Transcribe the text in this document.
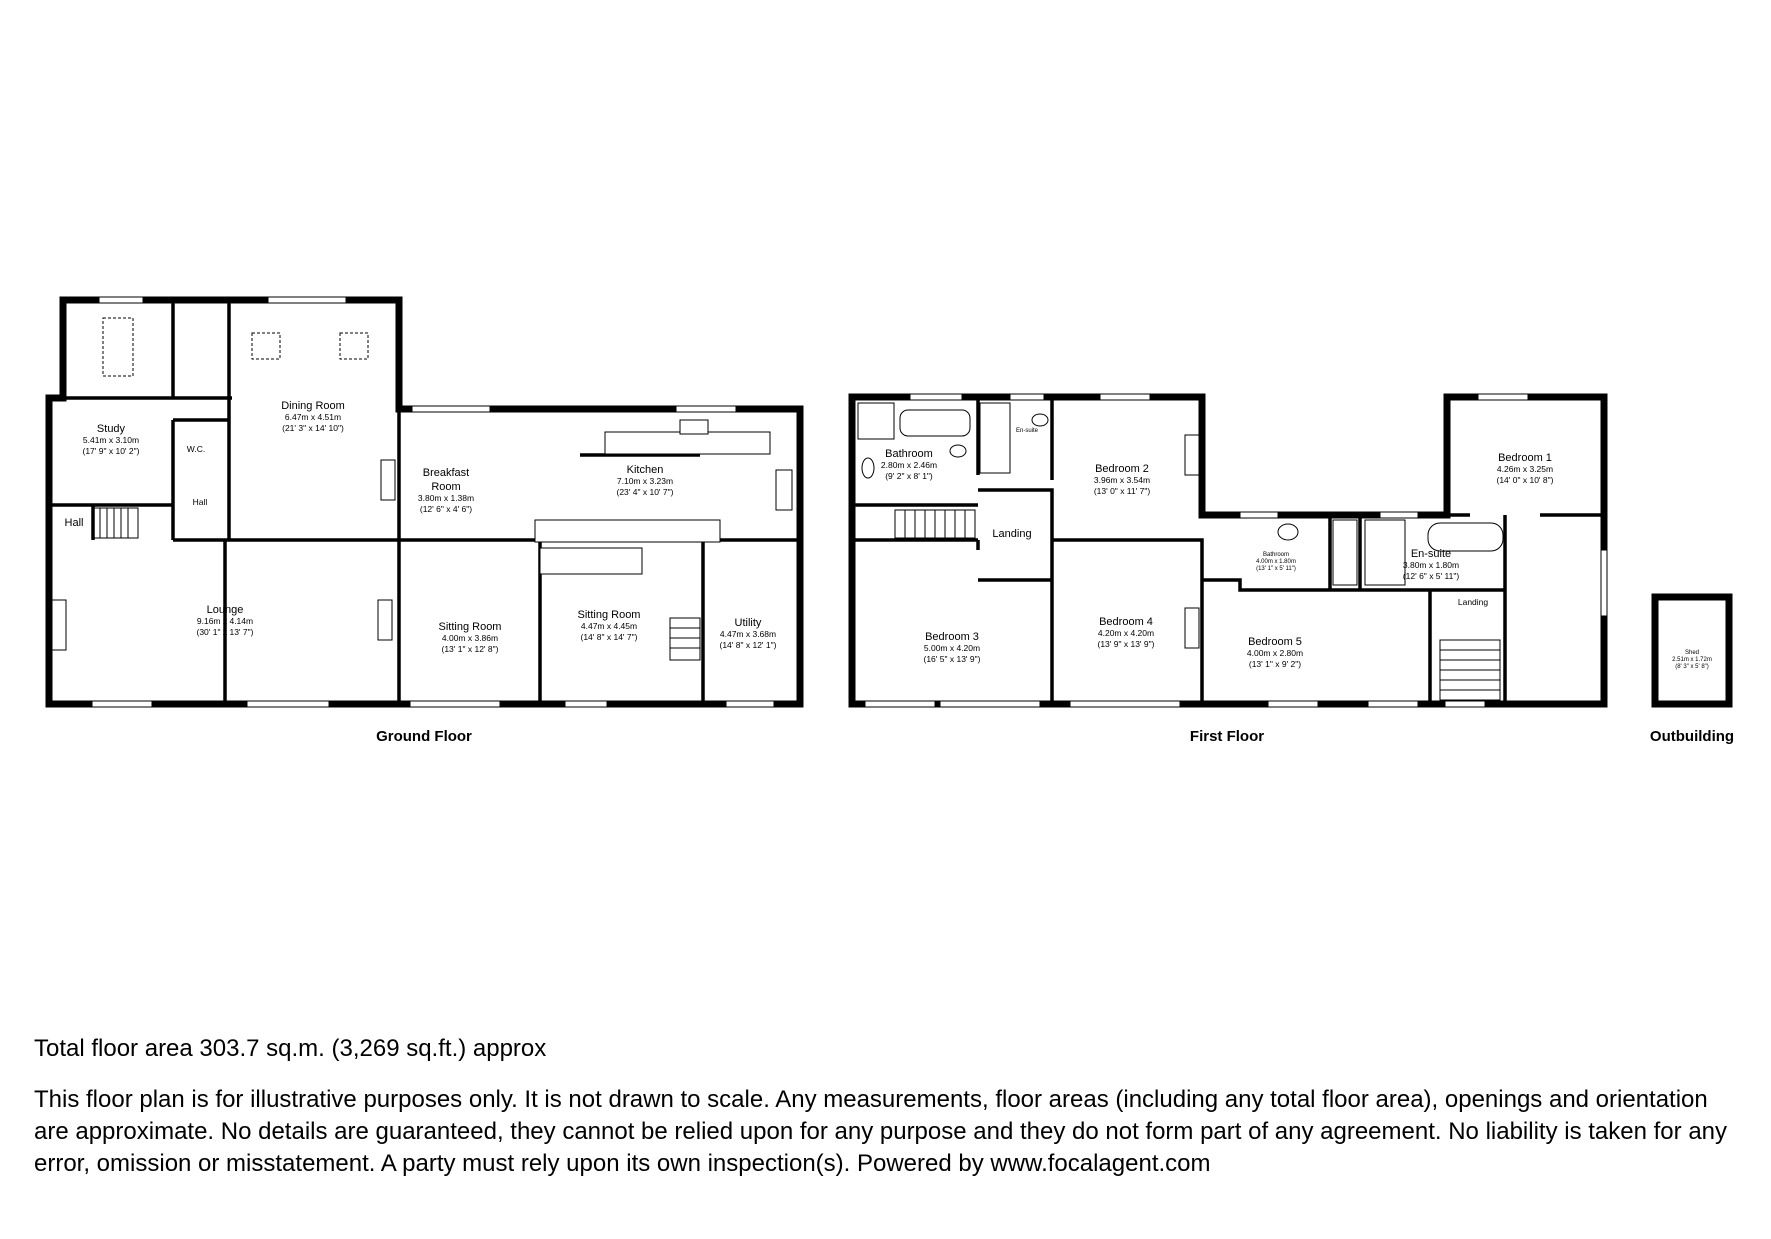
Study
5.41m x 3.10m
(17' 9" x 10' 2")	W.C.
Hall
Hall
Dining Room
6.47m x 4.51m
(21' 3" x 14' 10")
Breakfast
Room
3.80m x 1.38m
(12' 6" x 4' 6")
Kitchen
7.10m x 3.23m
(23' 4" x 10' 7")
Lounge
9.16m x 4.14m
(30' 1" x 13' 7")	Sitting Room
4.00m x 3.86m
(13' 1" x 12' 8")
Sitting Room
4.47m x 4.45m
(14' 8" x 14' 7")
Utility
4.47m x 3.68m
(14' 8" x 12' 1")
Ground Floor
Bathroom
2.80m x 2.46m
(9' 2" x 8' 1")
En-suite
Bedroom 2
3.96m x 3.54m
(13' 0" x 11' 7")
Landing
Bedroom 3
5.00m x 4.20m
(16' 5" x 13' 9")
Bedroom 4
4.20m x 4.20m
(13' 9" x 13' 9")
Bathroom
4.00m x 1.80m
(13' 1" x 5' 11")
Bedroom 5
4.00m x 2.80m
(13' 1" x 9' 2")
En-suite
3.80m x 1.80m
(12' 6" x 5' 11")
Landing
Bedroom 1
4.26m x 3.25m
(14' 0" x 10' 8")
First Floor
Shed
2.51m x 1.72m
(8' 3" x 5' 8")
Outbuilding

Total floor area 303.7 sq.m. (3,269 sq.ft.) approx

This floor plan is for illustrative purposes only. It is not drawn to scale. Any measurements, floor areas (including any total floor area), openings and orientation are approximate. No details are guaranteed, they cannot be relied upon for any purpose and they do not form part of any agreement. No liability is taken for any error, omission or misstatement. A party must rely upon its own inspection(s). Powered by www.focalagent.com
